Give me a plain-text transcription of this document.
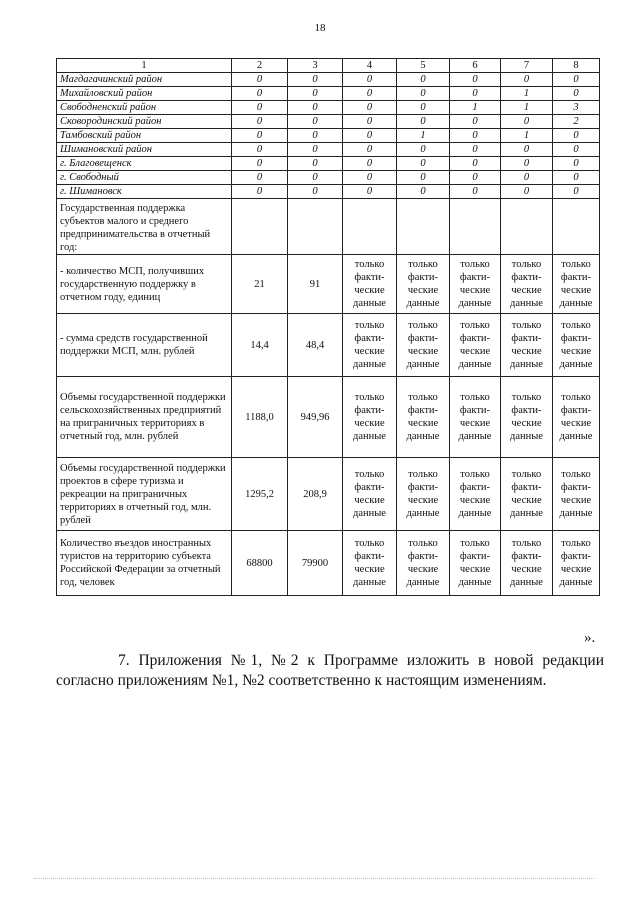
18
1	2	3	4	5	6	7	8
Магдагачинский район	0	0	0	0	0	0	0
Михайловский район	0	0	0	0	0	1	0
Свободненский район	0	0	0	0	1	1	3
Сковородинский район	0	0	0	0	0	0	2
Тамбовский район	0	0	0	1	0	1	0
Шимановский район	0	0	0	0	0	0	0
г. Благовещенск	0	0	0	0	0	0	0
г. Свободный	0	0	0	0	0	0	0
г. Шимановск	0	0	0	0	0	0	0
Государственная поддержка субъектов малого и среднего предпринимательства в отчетный год:							
- количество МСП, получивших государственную поддержку в отчетном году, единиц	21	91	только факти-ческие данные	только факти-ческие данные	только факти-ческие данные	только факти-ческие данные	только факти-ческие данные
- сумма средств государственной поддержки МСП, млн. рублей	14,4	48,4	только факти-ческие данные	только факти-ческие данные	только факти-ческие данные	только факти-ческие данные	только факти-ческие данные
Объемы государственной поддержки сельскохозяйственных предприятий на приграничных территориях в отчетный год, млн. рублей	1188,0	949,96	только факти-ческие данные	только факти-ческие данные	только факти-ческие данные	только факти-ческие данные	только факти-ческие данные
Объемы государственной поддержки проектов в сфере туризма и рекреации на приграничных территориях в отчетный год, млн. рублей	1295,2	208,9	только факти-ческие данные	только факти-ческие данные	только факти-ческие данные	только факти-ческие данные	только факти-ческие данные
Количество въездов иностранных туристов на территорию субъекта Российской Федерации за отчетный год, человек	68800	79900	только факти-ческие данные	только факти-ческие данные	только факти-ческие данные	только факти-ческие данные	только факти-ческие данные
».
7. Приложения №1, №2 к Программе изложить в новой редакции согласно приложениям №1, №2 соответственно к настоящим изменениям.
